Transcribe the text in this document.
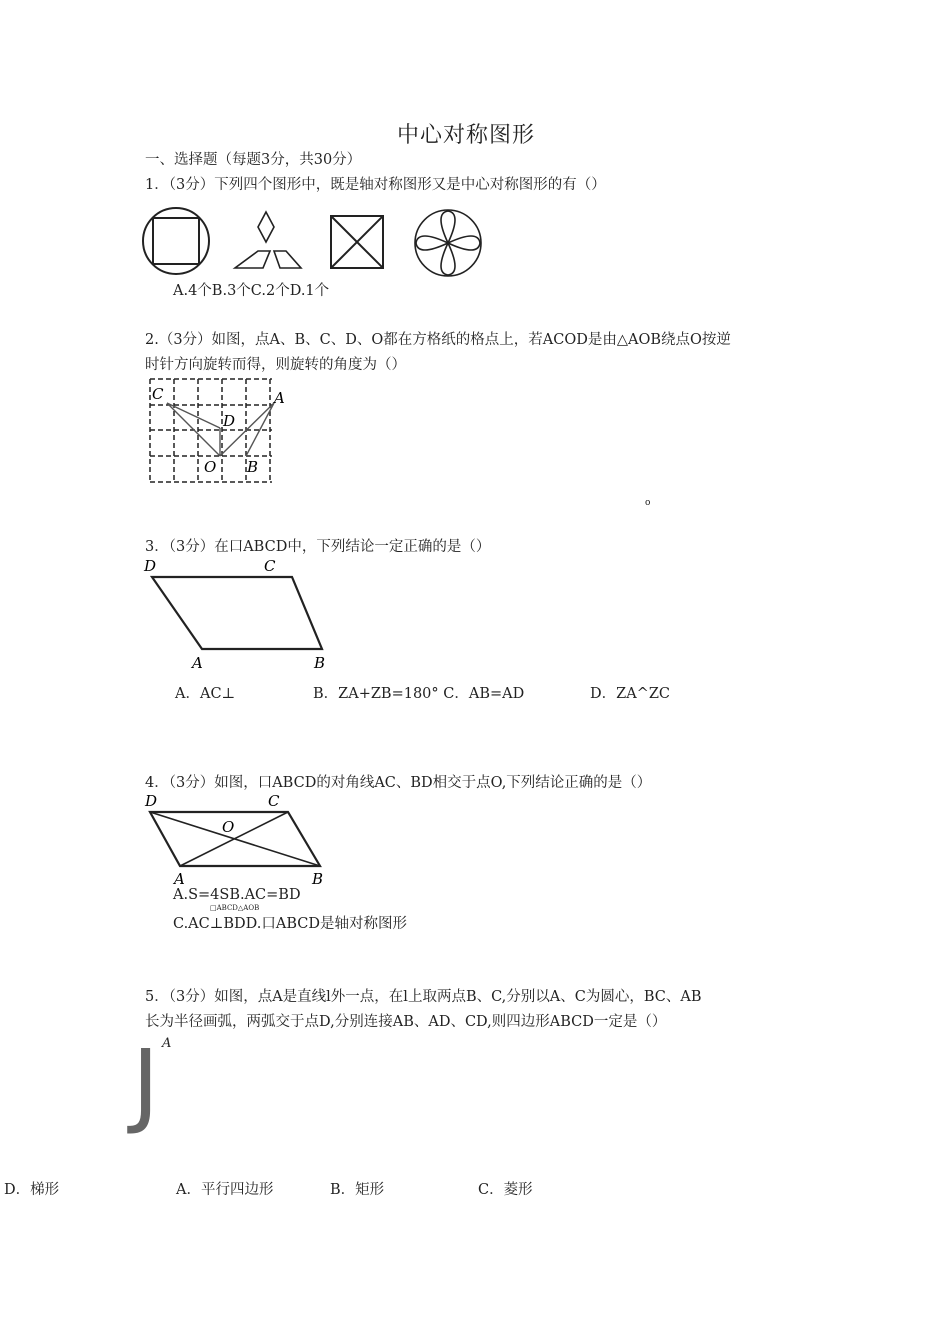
中心对称图形
一、选择题（每题3分，共30分）
1．（3分）下列四个图形中，既是轴对称图形又是中心对称图形的有（）
A.4个B.3个C.2个D.1个
2.（3分）如图，点A、B、C、D、O都在方格纸的格点上，若ACOD是由△AOB绕点O按逆
时针方向旋转而得，则旋转的角度为（）
C
D
A
O B
o
3．（3分）在口ABCD中，下列结论一定正确的是（）
D	C
A	B
A．AC⊥	B．ZA+ZB=180° C．AB=AD	D．ZA^ZC
4．（3分）如图，口ABCD的对角线AC、BD相交于点O,下列结论正确的是（）
D	C
O
A	B
A.S=4SB.AC=BD
□ABCD△AOB
C.AC⊥BDD.口ABCD是轴对称图形
5．（3分）如图，点A是直线l外一点，在l上取两点B、C,分别以A、C为圆心，BC、AB
长为半径画弧，两弧交于点D,分别连接AB、AD、CD,则四边形ABCD一定是（）
A
J
D．梯形	A．平行四边形	B．矩形	C．菱形
